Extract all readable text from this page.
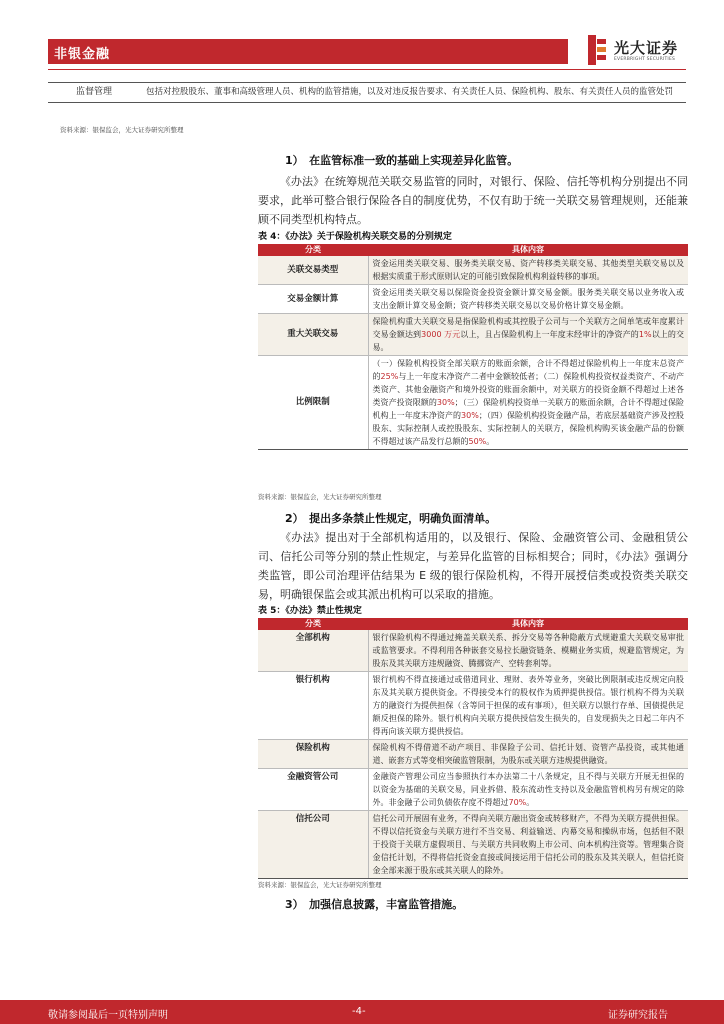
非银金融	光大证券
EVERBRIGHT SECURITIES
监督管理	包括对控股股东、董事和高级管理人员、机构的监管措施，以及对违反报告要求、有关责任人员、保险机构、股东、有关责任人员的监管处罚
资料来源：银保监会，光大证券研究所整理
1）　在监管标准一致的基础上实现差异化监管。
《办法》在统筹规范关联交易监管的同时，对银行、保险、信托等机构分别提出不同要求，此举可整合银行保险各自的制度优势，不仅有助于统一关联交易管理规则，还能兼顾不同类型机构特点。
表 4：《办法》关于保险机构关联交易的分别规定
分类	具体内容
关联交易类型	资金运用类关联交易、服务类关联交易、资产转移类关联交易、其他类型关联交易以及根据实质重于形式原则认定的可能引致保险机构利益转移的事项。
交易金额计算	资金运用类关联交易以保险资金投资金额计算交易金额。服务类关联交易以业务收入或支出金额计算交易金额；资产转移类关联交易以交易价格计算交易金额。
重大关联交易	保险机构重大关联交易是指保险机构或其控股子公司与一个关联方之间单笔或年度累计交易金额达到3000 万元以上，且占保险机构上一年度末经审计的净资产的1%以上的交易。
比例限制	（一）保险机构投资全部关联方的账面余额，合计不得超过保险机构上一年度末总资产的25%与上一年度末净资产二者中金额较低者；（二）保险机构投资权益类资产、不动产类资产、其他金融资产和境外投资的账面余额中，对关联方的投资金额不得超过上述各类资产投资限额的30%；（三）保险机构投资单一关联方的账面余额，合计不得超过保险机构上一年度末净资产的30%；（四）保险机构投资金融产品，若底层基础资产涉及控股股东、实际控制人或控股股东、实际控制人的关联方，保险机构购买该金融产品的份额不得超过该产品发行总额的50%。
资料来源：银保监会，光大证券研究所整理
2）　提出多条禁止性规定，明确负面清单。
《办法》提出对于全部机构适用的，以及银行、保险、金融资管公司、金融租赁公司、信托公司等分别的禁止性规定，与差异化监管的目标相契合；同时，《办法》强调分类监管，即公司治理评估结果为 E 级的银行保险机构，不得开展授信类或投资类关联交易，明确银保监会或其派出机构可以采取的措施。
表 5：《办法》禁止性规定
分类	具体内容
全部机构	银行保险机构不得通过掩盖关联关系、拆分交易等各种隐蔽方式规避重大关联交易审批或监管要求。不得利用各种嵌套交易拉长融资链条、模糊业务实质，规避监管规定，为股东及其关联方违规融资、腾挪资产、空转套利等。
银行机构	银行机构不得直接通过或借道同业、理财、表外等业务，突破比例限制或违反规定向股东及其关联方提供资金。不得接受本行的股权作为质押提供授信。银行机构不得为关联方的融资行为提供担保（含等同于担保的或有事项），但关联方以银行存单、国债提供足额反担保的除外。银行机构向关联方提供授信发生损失的，自发现损失之日起二年内不得再向该关联方提供授信。
保险机构	保险机构不得借道不动产项目、非保险子公司、信托计划、资管产品投资，或其他通道、嵌套方式等变相突破监管限制，为股东或关联方违规提供融资。
金融资管公司	金融资产管理公司应当参照执行本办法第二十八条规定，且不得与关联方开展无担保的以资金为基础的关联交易，同业拆借、股东流动性支持以及金融监管机构另有规定的除外。非金融子公司负债依存度不得超过70%。
信托公司	信托公司开展固有业务，不得向关联方融出资金或转移财产，不得为关联方提供担保。不得以信托资金与关联方进行不当交易、利益输送、内幕交易和操纵市场，包括但不限于投资于关联方虚假项目、与关联方共同收购上市公司、向本机构注资等。管理集合资金信托计划，不得将信托资金直接或间接运用于信托公司的股东及其关联人，但信托资金全部来源于股东或其关联人的除外。
资料来源：银保监会，光大证券研究所整理
3）　加强信息披露，丰富监管措施。
敬请参阅最后一页特别声明	-4-	证券研究报告
